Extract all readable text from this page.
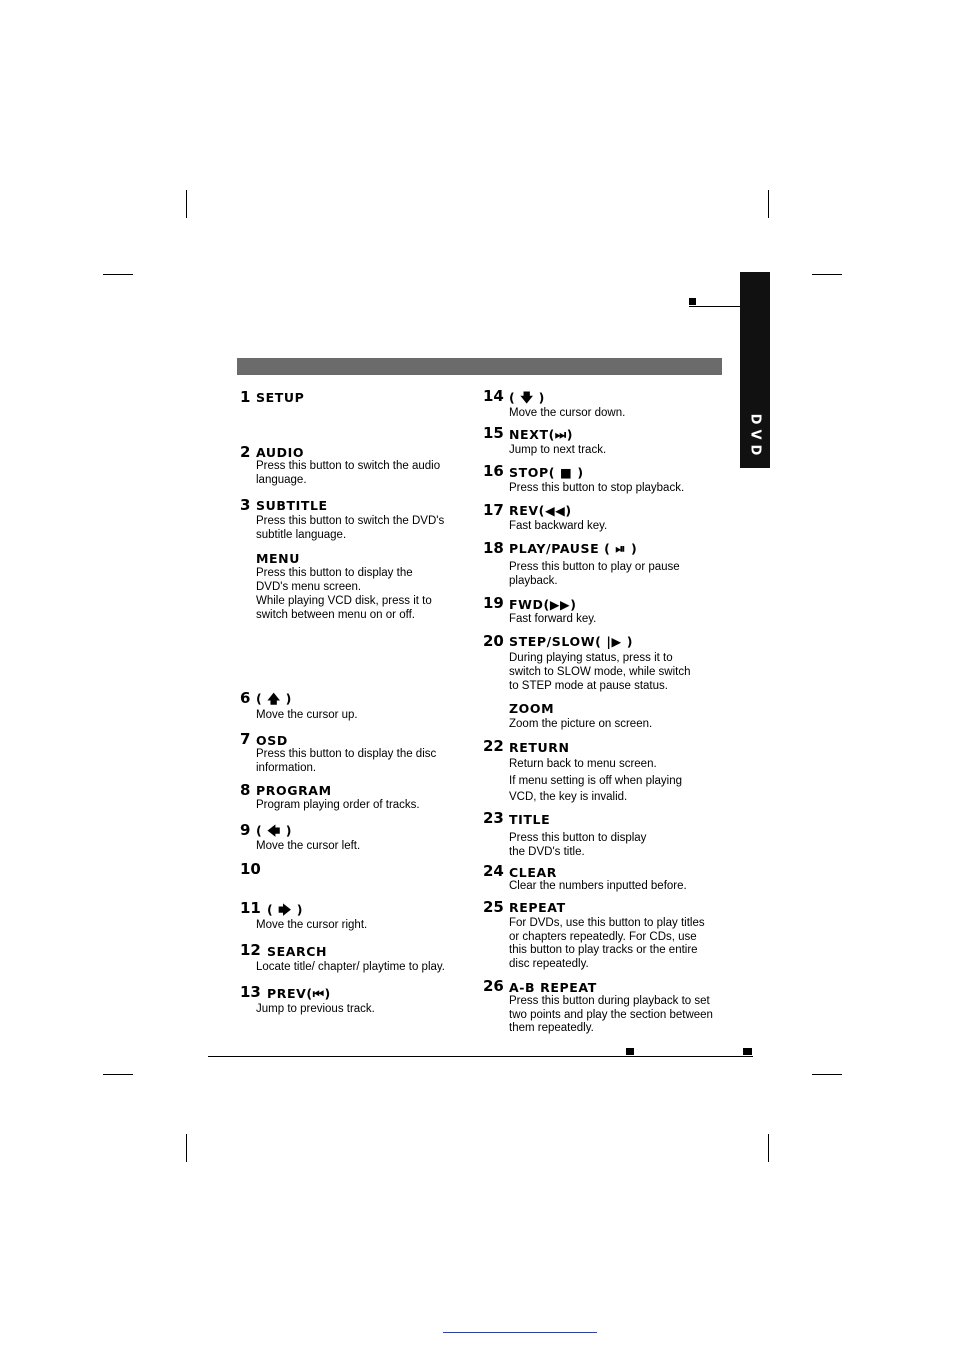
DVD
1 SETUP
2 AUDIO
Press this button to switch the audio
language.
3 SUBTITLE
Press this button to switch the DVD's
subtitle language.
MENU
Press this button to display the
DVD's menu screen.
While playing VCD disk, press it to
switch between menu on or off.
6 ( 🡅 )
Move the cursor up.
7 OSD
Press this button to display the disc
information.
8 PROGRAM
Program playing order of tracks.
9 ( 🡄 )
Move the cursor left.
10
11 ( 🡆 )
Move the cursor right.
12 SEARCH
Locate title/ chapter/ playtime to play.
13 PREV(⏮)
Jump to previous track.
14 ( 🡇 )
Move the cursor down.
15 NEXT(⏭)
Jump to next track.
16 STOP( ■ )
Press this button to stop playback.
17 REV(◀◀)
Fast backward key.
18 PLAY/PAUSE ( ⏯ )
Press this button to play or pause
playback.
19 FWD(▶▶)
Fast forward key.
20 STEP/SLOW( |▶ )
During playing status, press it to
switch to SLOW mode, while switch
to STEP mode at pause status.
ZOOM
Zoom the picture on screen.
22 RETURN
Return back to menu screen.
If menu setting is off when playing
VCD, the key is invalid.
23 TITLE
Press this button to display
the DVD's title.
24 CLEAR
Clear the numbers inputted before.
25 REPEAT
For DVDs, use this button to play titles
or chapters repeatedly. For CDs, use
this button to play tracks or the entire
disc repeatedly.
26 A-B REPEAT
Press this button during playback to set
two points and play the section between
them repeatedly.
